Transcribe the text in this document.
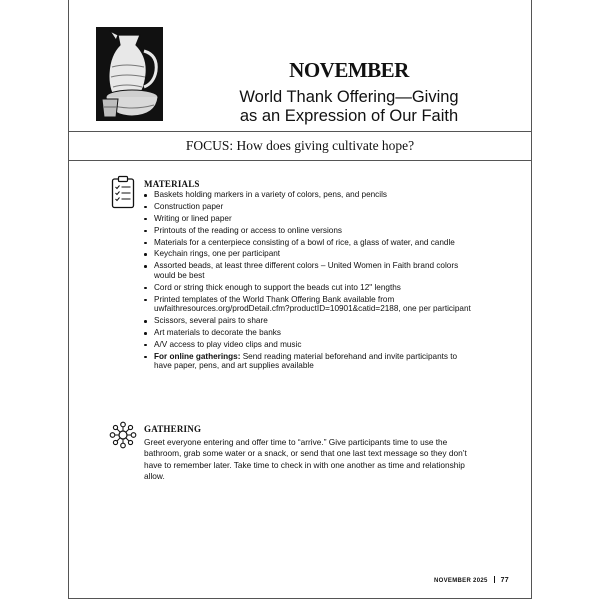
NOVEMBER
World Thank Offering—Giving
as an Expression of Our Faith
FOCUS: How does giving cultivate hope?
MATERIALS
Baskets holding markers in a variety of colors, pens, and pencils
Construction paper
Writing or lined paper
Printouts of the reading or access to online versions
Materials for a centerpiece consisting of a bowl of rice, a glass of water, and candle
Keychain rings, one per participant
Assorted beads, at least three different colors – United Women in Faith brand colors would be best
Cord or string thick enough to support the beads cut into 12" lengths
Printed templates of the World Thank Offering Bank available from uwfaithresources.org/prodDetail.cfm?productID=10901&catid=2188, one per participant
Scissors, several pairs to share
Art materials to decorate the banks
A/V access to play video clips and music
For online gatherings: Send reading material beforehand and invite participants to have paper, pens, and art supplies available
GATHERING

Greet everyone entering and offer time to “arrive.” Give participants time to use the bathroom, grab some water or a snack, or send that one last text message so they don’t have to remember later. Take time to check in with one another as time and relationship allow.

NOVEMBER 2025 77
